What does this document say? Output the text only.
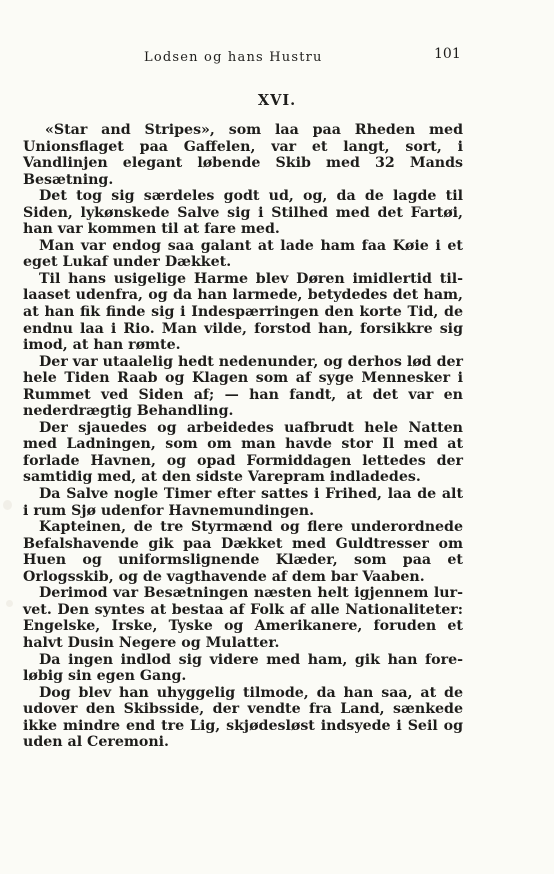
Lodsen og hans Hustru	101
XVI.

«Star and Stripes», som laa paa Rheden med Unionsflaget paa Gaffelen, var et langt, sort, i Vandlinjen elegant løbende Skib med 32 Mands Besætning.

Det tog sig særdeles godt ud, og, da de lagde til Siden, lykønskede Salve sig i Stilhed med det Fartøi, han var kommen til at fare med.

Man var endog saa galant at lade ham faa Køie i et eget Lukaf under Dækket.

Til hans usigelige Harme blev Døren imidlertid tillaaset udenfra, og da han larmede, betydedes det ham, at han fik finde sig i Indespærringen den korte Tid, de endnu laa i Rio. Man vilde, forstod han, forsikkre sig imod, at han rømte.

Der var utaalelig hedt nedenunder, og derhos lød der hele Tiden Raab og Klagen som af syge Mennesker i Rummet ved Siden af; — han fandt, at det var en nederdrægtig Behandling.

Der sjauedes og arbeidedes uafbrudt hele Natten med Ladningen, som om man havde stor Il med at forlade Havnen, og opad Formiddagen lettedes der samtidig med, at den sidste Varepram indladedes.

Da Salve nogle Timer efter sattes i Frihed, laa de alt i rum Sjø udenfor Havnemundingen.

Kapteinen, de tre Styrmænd og flere underordnede Befalshavende gik paa Dækket med Guldtresser om Huen og uniformslignende Klæder, som paa et Orlogsskib, og de vagthavende af dem bar Vaaben.

Derimod var Besætningen næsten helt igjennem lurvet. Den syntes at bestaa af Folk af alle Nationaliteter: Engelske, Irske, Tyske og Amerikanere, foruden et halvt Dusin Negere og Mulatter.

Da ingen indlod sig videre med ham, gik han foreløbig sin egen Gang.

Dog blev han uhyggelig tilmode, da han saa, at de udover den Skibsside, der vendte fra Land, sænkede ikke mindre end tre Lig, skjødesløst indsyede i Seil og uden al Ceremoni.
